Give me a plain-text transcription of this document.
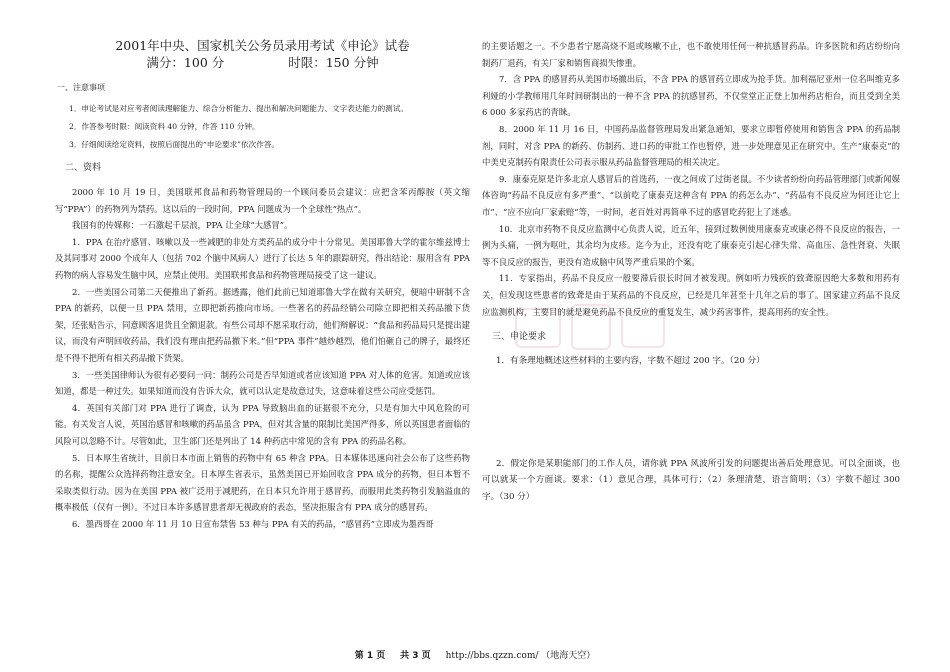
2001年中央、国家机关公务员录用考试《申论》试卷
满分：100 分	时限：150 分钟
一、注意事项
1．申论考试是对应考者阅读理解能力、综合分析能力、提出和解决问题能力、文字表达能力的测试。
2．作答参考时限：阅读资料 40 分钟，作答 110 分钟。
3．仔细阅读给定资料，按照后面提出的“申论要求”依次作答。
二、资料
2000 年 10 月 19 日，美国联邦食品和药物管理局的一个顾问委员会建议：应把含苯丙醇胺（英文缩写“PPA”）的药物列为禁药。这以后的一段时间，PPA 问题成为一个全球性“热点”。
我国有的传媒称：一石激起千层浪，PPA 让全球“大感冒”。
1．PPA 在治疗感冒、咳嗽以及一些减肥的非处方类药品的成分中十分常见。美国耶鲁大学的霍尔维兹博士及其同事对 2000 个成年人（包括 702 个脑中风病人）进行了长达 5 年的跟踪研究，得出结论：服用含有 PPA 药物的病人容易发生脑中风，应禁止使用。美国联邦食品和药物管理局接受了这一建议。
2．一些美国公司第二天便推出了新药。据透露，他们此前已知道耶鲁大学在做有关研究，便暗中研制不含 PPA 的新药，以便一旦 PPA 禁用，立即把新药推向市场。一些著名的药品经销公司除立即把相关药品撤下货架，还张贴告示，同意顾客退货且全额退款。有些公司却不愿采取行动，他们辩解说：“食品和药品局只是提出建议，而没有声明回收药品，我们没有理由把药品撤下来。”但“PPA 事件”越炒越烈，他们怕砸自己的牌子，最终还是不得不把所有相关药品撤下货架。
3．一些美国律师认为很有必要问一问：制药公司是否早知道或者应该知道 PPA 对人体的危害。知道或应该知道，都是一种过失。如果知道而没有告诉大众，就可以认定是故意过失，这意味着这些公司应受惩罚。
4．英国有关部门对 PPA 进行了调查，认为 PPA 导致脑出血的证据很不充分，只是有加大中风危险的可能。有关发言人说，英国治感冒和咳嗽的药品虽含 PPA，但对其含量的限制比美国严得多，所以英国患者面临的风险可以忽略不计。尽管如此，卫生部门还是列出了 14 种药店中常见的含有 PPA 的药品名称。
5．日本厚生省统计，目前日本市面上销售的药物中有 65 种含 PPA。日本媒体迅速向社会公布了这些药物的名称，提醒公众选择药物注意安全。日本厚生省表示，虽然美国已开始回收含 PPA 成分的药物，但日本暂不采取类似行动。因为在美国 PPA 被广泛用于减肥药，在日本只允许用于感冒药，而服用此类药物引发脑溢血的概率极低（仅有一例）。不过日本许多感冒患者却无视政府的表态，坚决拒服含有 PPA 成分的感冒药。
6．墨西哥在 2000 年 11 月 10 日宣布禁售 53 种与 PPA 有关的药品，“感冒药”立即成为墨西哥
的主要话题之一。不少患者宁愿高烧不退或咳嗽不止，也不敢使用任何一种抗感冒药品。许多医院和药店纷纷向制药厂退药，有关厂家和销售商损失惨重。
7．含 PPA 的感冒药从美国市场撤出后，不含 PPA 的感冒药立即成为抢手货。加利福尼亚州一位名叫维克多利娅的小学教师用几年时间研制出的一种不含 PPA 的抗感冒药，不仅堂堂正正登上加州药店柜台，而且受到全美 6 000 多家药店的青睐。
8．2000 年 11 月 16 日，中国药品监督管理局发出紧急通知，要求立即暂停使用和销售含 PPA 的药品制剂，同时，对含 PPA 的新药、仿制药、进口药的审批工作也暂停，进一步处理意见正在研究中。生产“康泰克”的中美史克制药有限责任公司表示服从药品监督管理局的相关决定。
9．康泰克原是许多北京人感冒后的首选药，一夜之间成了过街老鼠。不少读者纷纷向药品管理部门或新闻媒体咨询“药品不良反应有多严重”、“以前吃了康泰克这种含有 PPA 的药怎么办”、“药品有不良反应为何还让它上市”、“应不应向厂家索赔”等，一时间，老百姓对再简单不过的感冒吃药犯上了迷惑。
10．北京市药物不良反应监测中心负责人说，近五年，接到过数例使用康泰克或康必得不良反应的报告，一例为头痛，一例为呕吐，其余均为皮疹。迄今为止，还没有吃了康泰克引起心律失常、高血压、急性肾衰、失眠等不良反应的报告，更没有造成脑中风等严重后果的个案。
11．专家指出，药品不良反应一般要滞后很长时间才被发现。例如听力残疾的致聋原因绝大多数和用药有关，但发现这些患者的致聋是由于某药品的不良反应，已经是几年甚至十几年之后的事了。国家建立药品不良反应监测机构，主要目的就是避免药品不良反应的重复发生，减少药害事件，提高用药的安全性。
三、申论要求
1．有条理地概述这些材料的主要内容，字数不超过 200 字。（20 分）
2．假定你是某职能部门的工作人员，请你就 PPA 风波所引发的问题提出善后处理意见。可以全面谈，也可以就某一个方面谈。要求：（1）意见合理，具体可行；（2）条理清楚，语言简明；（3）字数不超过 300 字。（30 分）
第 1 页 共 3 页 http://bbs.qzzn.com/ （地海天空）
